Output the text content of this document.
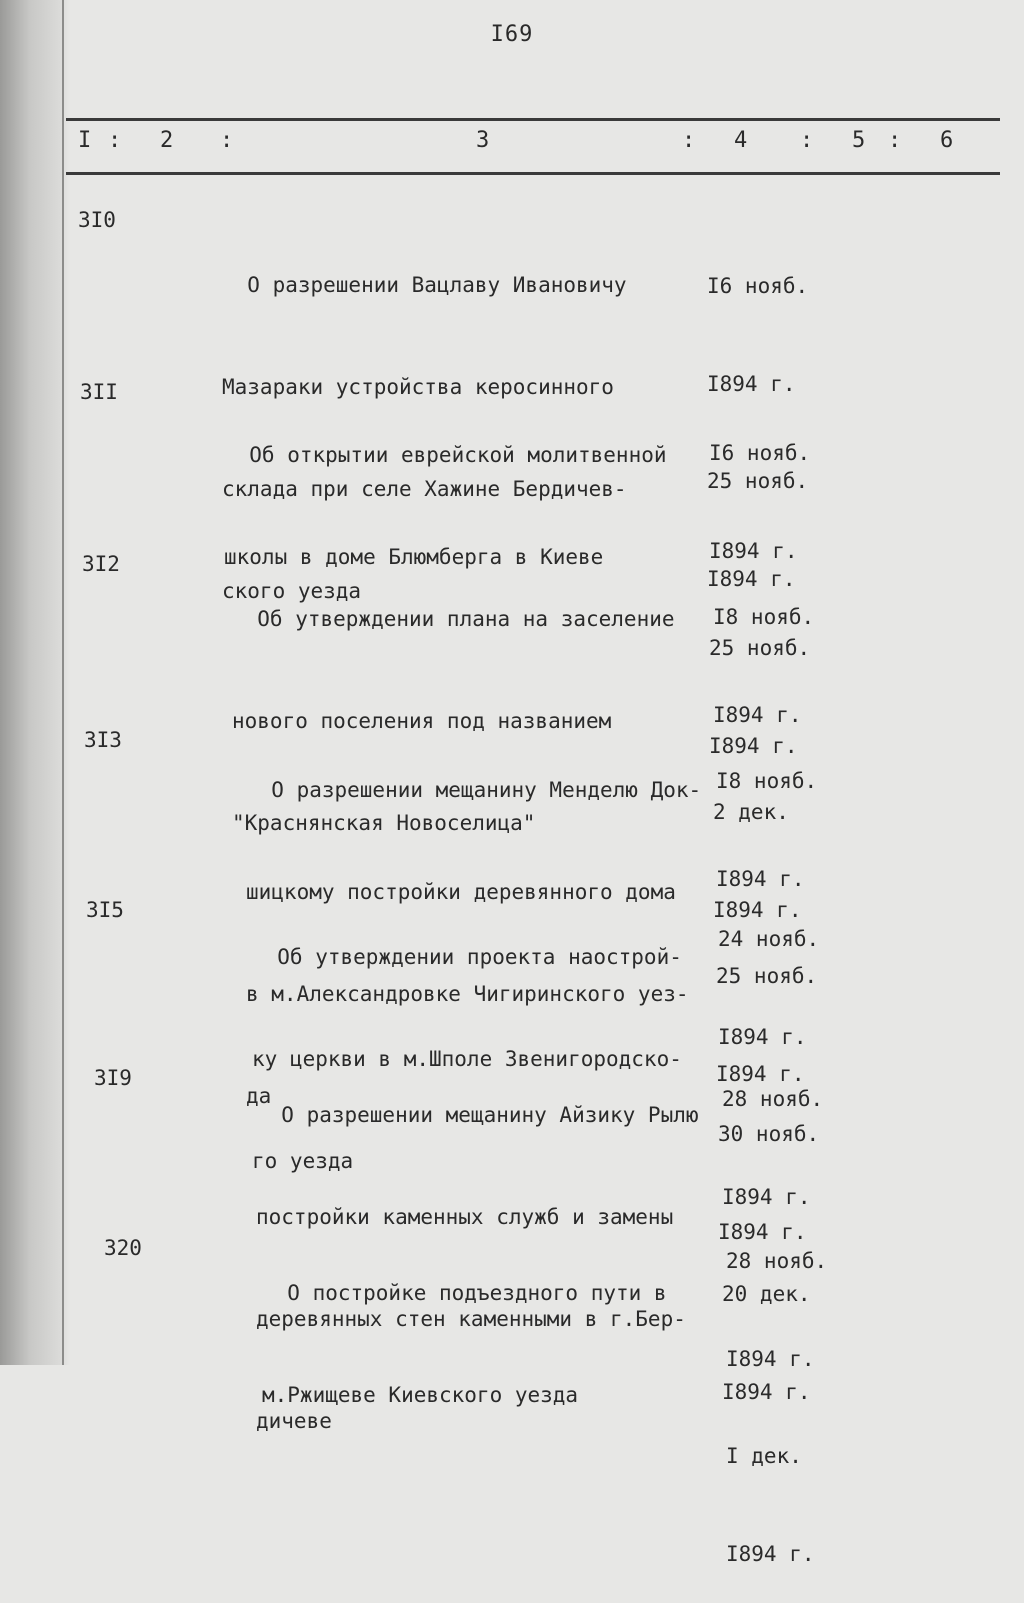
I69
I : 2 :	3	: 4 : 5 : 6
3I0

О разрешении Вацлаву Ивановичу

Мазараки устройства керосинного

склада при селе Хажине Бердичев-

ского уезда

I6 нояб.

I894 г.

25 нояб.

I894 г.

3II

Об открытии еврейской молитвенной

школы в доме Блюмберга в Киеве

I6 нояб.

I894 г.

25 нояб.

I894 г.

3I2

Об утверждении плана на заселение

нового поселения под названием

"Краснянская Новоселица"

I8 нояб.

I894 г.

2 дек.

I894 г.

3I3

О разрешении мещанину Менделю Док-

шицкому постройки деревянного дома

в м.Александровке Чигиринского уез-

да

I8 нояб.

I894 г.

25 нояб.

I894 г.

3I5

Об утверждении проекта наострой-

ку церкви в м.Шполе Звенигородско-

го уезда

24 нояб.

I894 г.

30 нояб.

I894 г.

3I9

О разрешении мещанину Айзику Рылю

постройки каменных служб и замены

деревянных стен каменными в г.Бер-

дичеве

28 нояб.

I894 г.

20 дек.

I894 г.

320

О постройке подъездного пути в

м.Ржищеве Киевского уезда

28 нояб.

I894 г.

I дек.

I894 г.
